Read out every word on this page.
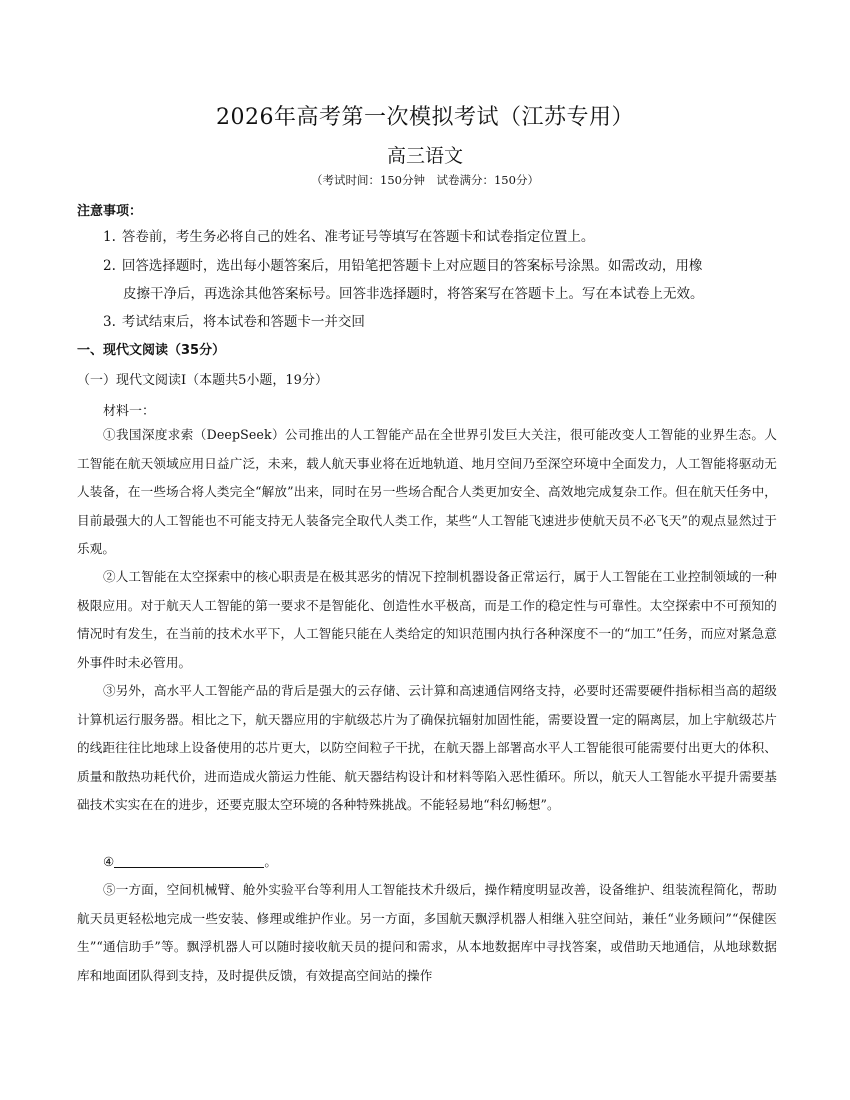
2026年高考第一次模拟考试（江苏专用）
高三语文
（考试时间：150分钟　试卷满分：150分）
注意事项：
1. 答卷前，考生务必将自己的姓名、准考证号等填写在答题卡和试卷指定位置上。
2. 回答选择题时，选出每小题答案后，用铅笔把答题卡上对应题目的答案标号涂黑。如需改动，用橡
皮擦干净后，再选涂其他答案标号。回答非选择题时，将答案写在答题卡上。写在本试卷上无效。
3. 考试结束后，将本试卷和答题卡一并交回
一、现代文阅读（35分）
（一）现代文阅读Ⅰ（本题共5小题，19分）
材料一：
①我国深度求索（DeepSeek）公司推出的人工智能产品在全世界引发巨大关注，很可能改变人工智能的业界生态。人工智能在航天领域应用日益广泛，未来，载人航天事业将在近地轨道、地月空间乃至深空环境中全面发力，人工智能将驱动无人装备，在一些场合将人类完全“解放”出来，同时在另一些场合配合人类更加安全、高效地完成复杂工作。但在航天任务中，目前最强大的人工智能也不可能支持无人装备完全取代人类工作，某些“人工智能飞速进步使航天员不必飞天”的观点显然过于乐观。
②人工智能在太空探索中的核心职责是在极其恶劣的情况下控制机器设备正常运行，属于人工智能在工业控制领域的一种极限应用。对于航天人工智能的第一要求不是智能化、创造性水平极高，而是工作的稳定性与可靠性。太空探索中不可预知的情况时有发生，在当前的技术水平下，人工智能只能在人类给定的知识范围内执行各种深度不一的“加工”任务，而应对紧急意外事件时未必管用。
③另外，高水平人工智能产品的背后是强大的云存储、云计算和高速通信网络支持，必要时还需要硬件指标相当高的超级计算机运行服务器。相比之下，航天器应用的宇航级芯片为了确保抗辐射加固性能，需要设置一定的隔离层，加上宇航级芯片的线距往往比地球上设备使用的芯片更大，以防空间粒子干扰，在航天器上部署高水平人工智能很可能需要付出更大的体积、质量和散热功耗代价，进而造成火箭运力性能、航天器结构设计和材料等陷入恶性循环。所以，航天人工智能水平提升需要基础技术实实在在的进步，还要克服太空环境的各种特殊挑战。不能轻易地“科幻畅想”。
④	。
⑤一方面，空间机械臂、舱外实验平台等利用人工智能技术升级后，操作精度明显改善，设备维护、组装流程简化，帮助航天员更轻松地完成一些安装、修理或维护作业。另一方面，多国航天飘浮机器人相继入驻空间站，兼任“业务顾问”“保健医生”“通信助手”等。飘浮机器人可以随时接收航天员的提问和需求，从本地数据库中寻找答案，或借助天地通信，从地球数据库和地面团队得到支持，及时提供反馈，有效提高空间站的操作
